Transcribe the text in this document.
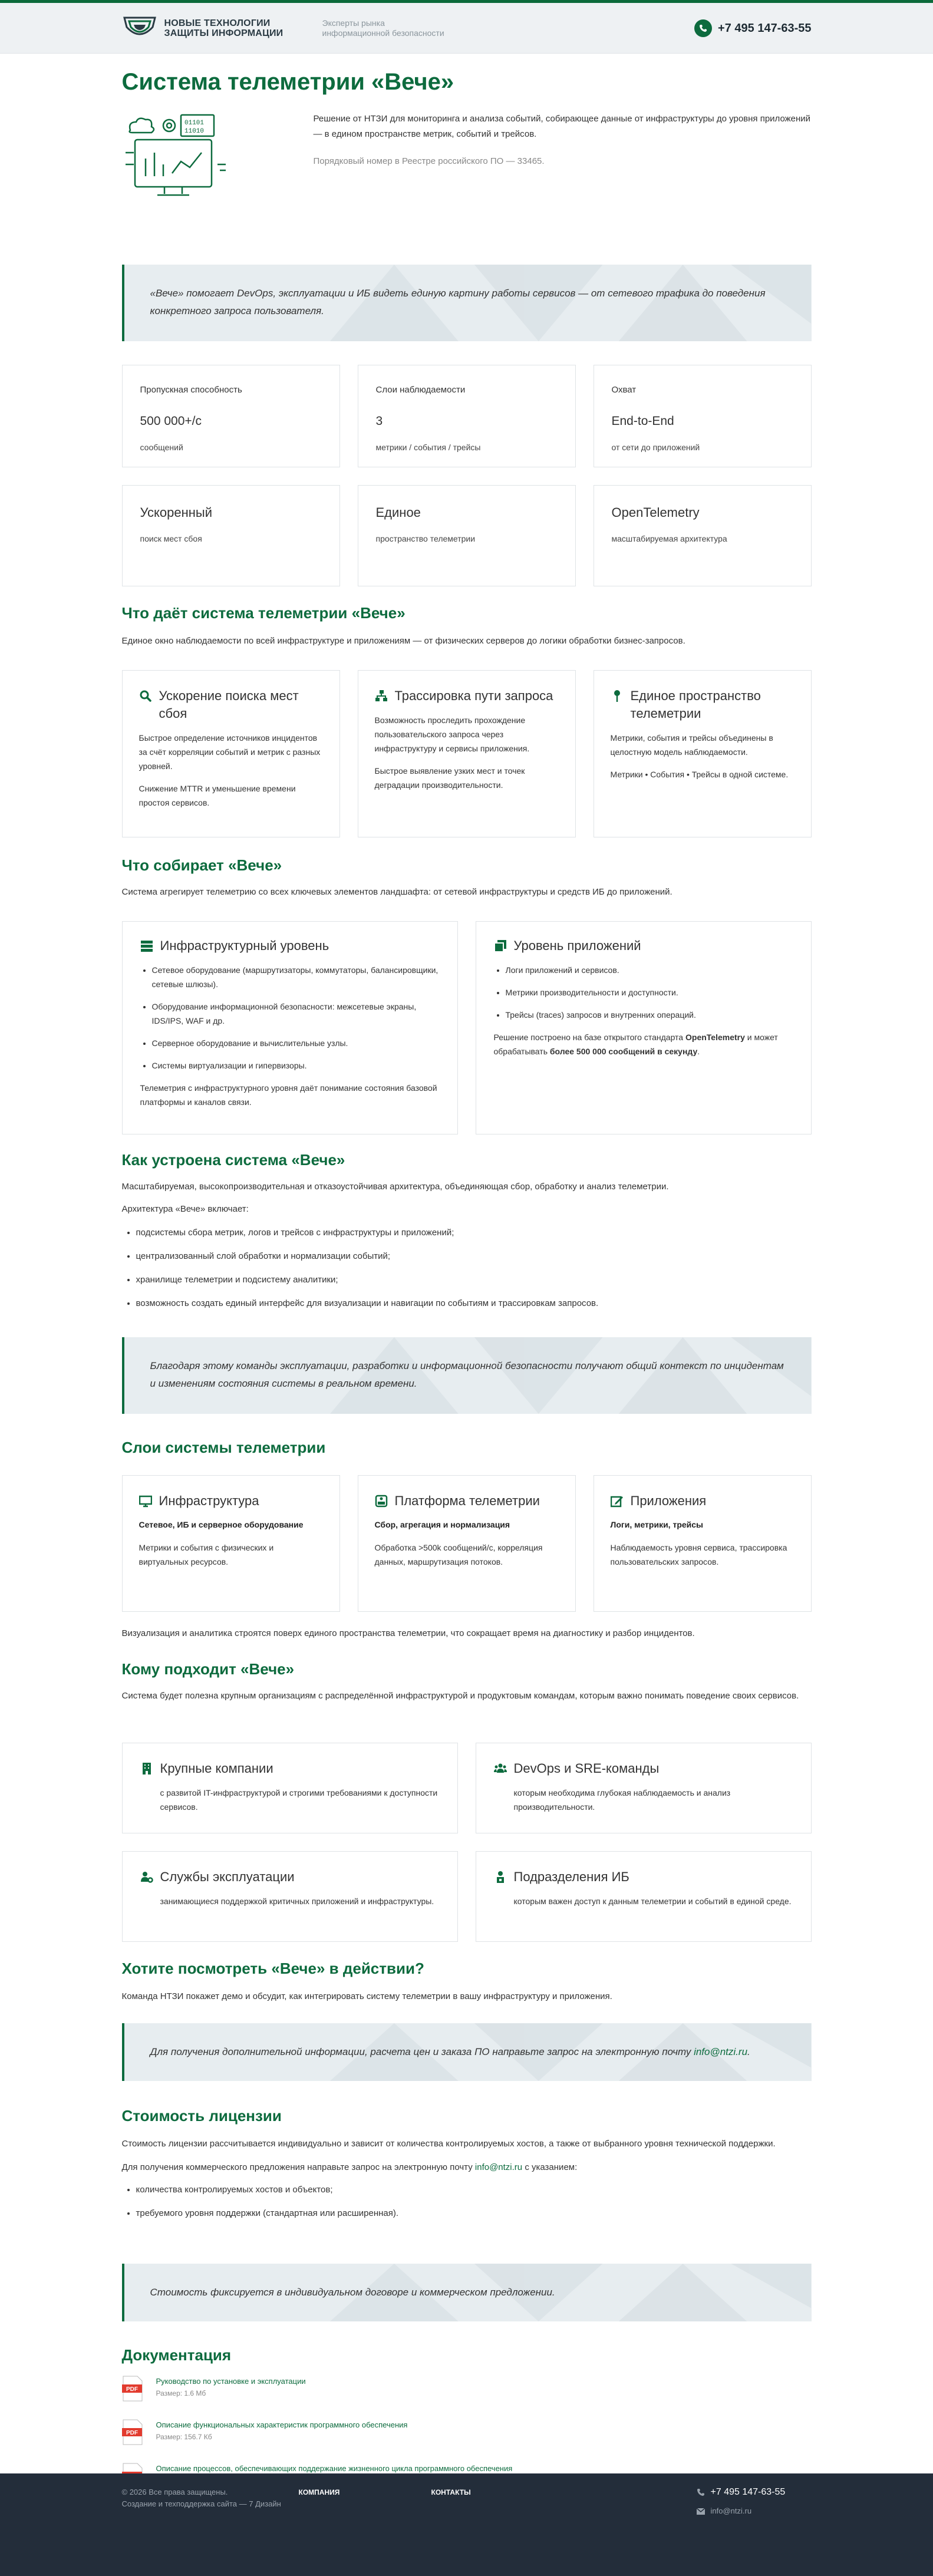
НОВЫЕ ТЕХНОЛОГИИ
ЗАЩИТЫ ИНФОРМАЦИИ
Эксперты рынка
информационной безопасности	+7 495 147-63-55
Система телеметрии «Вече»
01101
11010
Решение от НТЗИ для мониторинга и анализа событий, собирающее данные от инфраструктуры до уровня приложений — в едином пространстве метрик, событий и трейсов.
Порядковый номер в Реестре российского ПО — 33465.
«Вече» помогает DevOps, эксплуатации и ИБ видеть единую картину работы сервисов — от сетевого трафика до поведения конкретного запроса пользователя.
Пропускная способность
500 000+/с
сообщений
Слои наблюдаемости
3
метрики / события / трейсы
Охват
End-to-End
от сети до приложений
Ускоренный
поиск мест сбоя
Единое
пространство телеметрии
OpenTelemetry
масштабируемая архитектура
Что даёт система телеметрии «Вече»
Единое окно наблюдаемости по всей инфраструктуре и приложениям — от физических серверов до логики обработки бизнес-запросов.
Ускорение поиска мест сбоя

Быстрое определение источников инцидентов за счёт корреляции событий и метрик с разных уровней.

Снижение MTTR и уменьшение времени простоя сервисов.

Трассировка пути запроса

Возможность проследить прохождение пользовательского запроса через инфраструктуру и сервисы приложения.

Быстрое выявление узких мест и точек деградации производительности.

Единое пространство телеметрии

Метрики, события и трейсы объединены в целостную модель наблюдаемости.

Метрики • События • Трейсы в одной системе.

Что собирает «Вече»
Система агрегирует телеметрию со всех ключевых элементов ландшафта: от сетевой инфраструктуры и средств ИБ до приложений.
Инфраструктурный уровень
• Сетевое оборудование (маршрутизаторы, коммутаторы, балансировщики, сетевые шлюзы).
• Оборудование информационной безопасности: межсетевые экраны, IDS/IPS, WAF и др.
• Серверное оборудование и вычислительные узлы.
• Системы виртуализации и гипервизоры.

Телеметрия с инфраструктурного уровня даёт понимание состояния базовой платформы и каналов связи.

Уровень приложений
• Логи приложений и сервисов.
• Метрики производительности и доступности.
• Трейсы (traces) запросов и внутренних операций.

Решение построено на базе открытого стандарта OpenTelemetry и может обрабатывать более 500 000 сообщений в секунду.

Как устроена система «Вече»
Масштабируемая, высокопроизводительная и отказоустойчивая архитектура, объединяющая сбор, обработку и анализ телеметрии.
Архитектура «Вече» включает:
• подсистемы сбора метрик, логов и трейсов с инфраструктуры и приложений;
• централизованный слой обработки и нормализации событий;
• хранилище телеметрии и подсистему аналитики;
• возможность создать единый интерфейс для визуализации и навигации по событиям и трассировкам запросов.
Благодаря этому команды эксплуатации, разработки и информационной безопасности получают общий контекст по инцидентам и изменениям состояния системы в реальном времени.
Слои системы телеметрии
Инфраструктура
Сетевое, ИБ и серверное оборудование

Метрики и события с физических и виртуальных ресурсов.

Платформа телеметрии
Сбор, агрегация и нормализация

Обработка >500k сообщений/с, корреляция данных, маршрутизация потоков.

Приложения
Логи, метрики, трейсы

Наблюдаемость уровня сервиса, трассировка пользовательских запросов.

Визуализация и аналитика строятся поверх единого пространства телеметрии, что сокращает время на диагностику и разбор инцидентов.
Кому подходит «Вече»
Система будет полезна крупным организациям с распределённой инфраструктурой и продуктовым командам, которым важно понимать поведение своих сервисов.
Крупные компании

с развитой IT-инфраструктурой и строгими требованиями к доступности сервисов.

DevOps и SRE-команды

которым необходима глубокая наблюдаемость и анализ производительности.

Службы эксплуатации

занимающиеся поддержкой критичных приложений и инфраструктуры.

Подразделения ИБ

которым важен доступ к данным телеметрии и событий в единой среде.

Хотите посмотреть «Вече» в действии?
Команда НТЗИ покажет демо и обсудит, как интегрировать систему телеметрии в вашу инфраструктуру и приложения.
Для получения дополнительной информации, расчета цен и заказа ПО направьте запрос на электронную почту info@ntzi.ru.
Стоимость лицензии
Стоимость лицензии рассчитывается индивидуально и зависит от количества контролируемых хостов, а также от выбранного уровня технической поддержки.
Для получения коммерческого предложения направьте запрос на электронную почту info@ntzi.ru с указанием:
• количества контролируемых хостов и объектов;
• требуемого уровня поддержки (стандартная или расширенная).
Стоимость фиксируется в индивидуальном договоре и коммерческом предложении.
Документация
PDF
Руководство по установке и эксплуатации
Размер: 1.6 Мб
PDF
Описание функциональных характеристик программного обеспечения
Размер: 156.7 Кб
Описание процессов, обеспечивающих поддержание жизненного цикла программного обеспечения
© 2026 Все права защищены.
Создание и техподдержка сайта — 7 Дизайн
КОМПАНИЯ	КОНТАКТЫ	+7 495 147-63-55
info@ntzi.ru
